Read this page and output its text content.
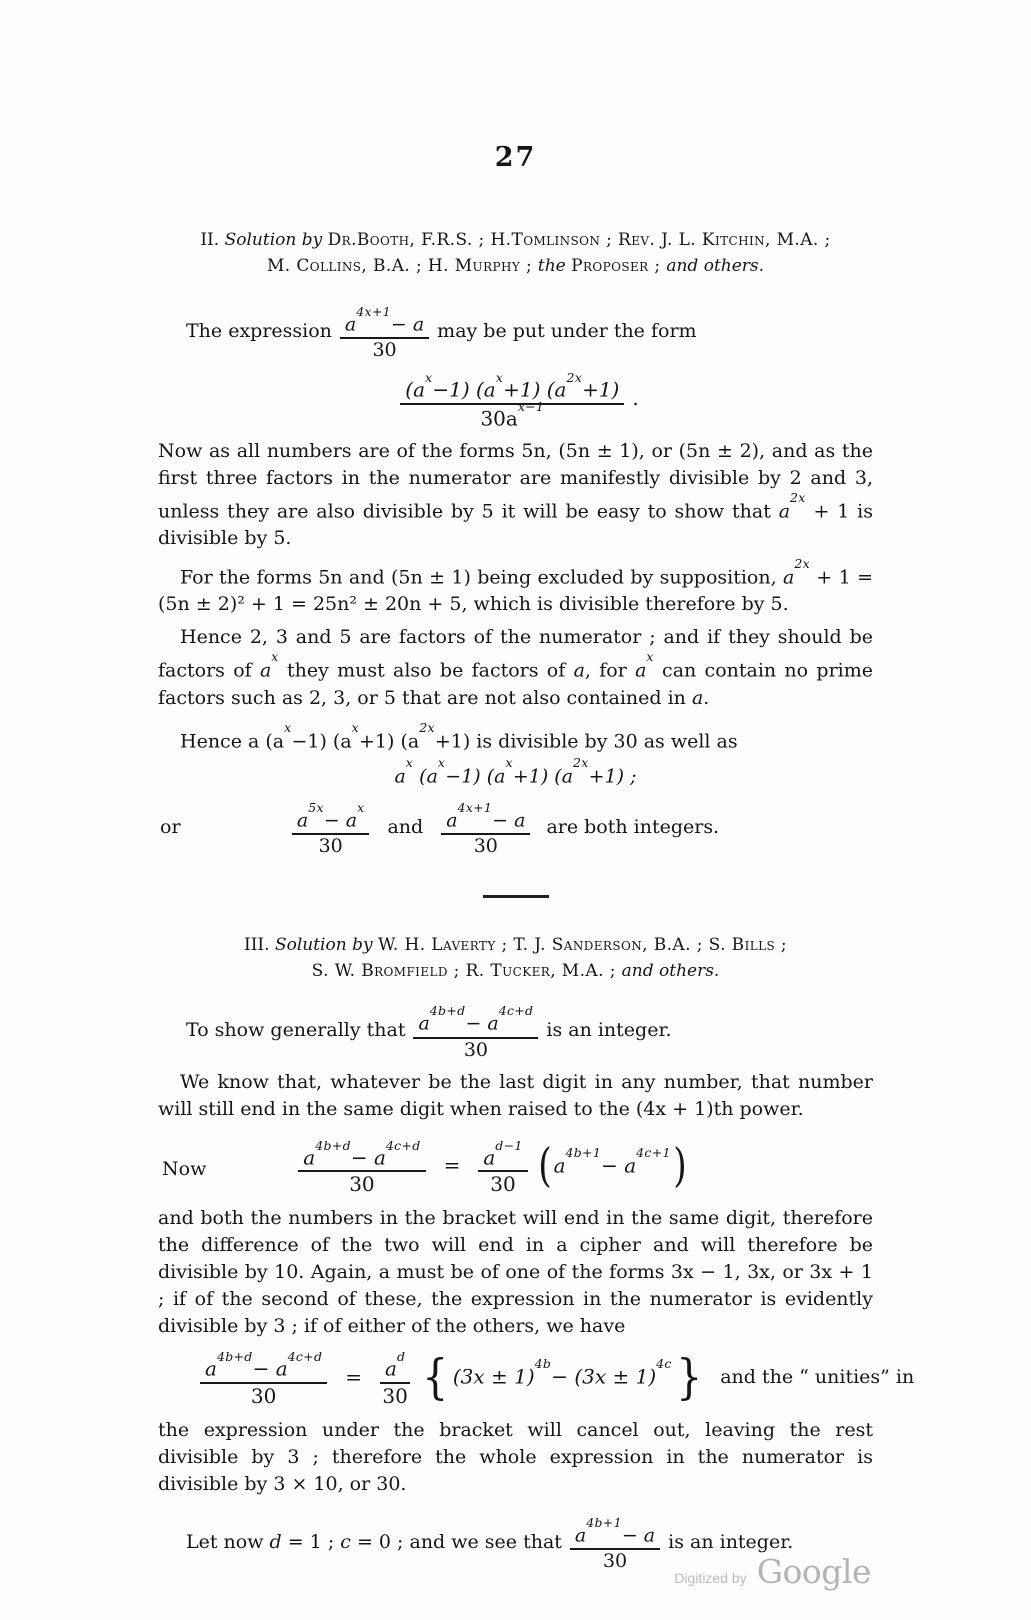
27
II. Solution by Dr.Booth, F.R.S. ; H.Tomlinson ; Rev. J. L. Kitchin, M.A. ;
M. Collins, B.A. ; H. Murphy ; the Proposer ; and others.
The expression $\frac{a^{4x+1}- a}{30}$ may be put under the form
$\frac{(a^x-1) (a^x+1) (a^{2x}+1)}{30a^{x-1}}$ .

Now as all numbers are of the forms 5n, (5n ± 1), or (5n ± 2), and as the first three factors in the numerator are manifestly divisible by 2 and 3, unless they are also divisible by 5 it will be easy to show that $a^{2x} + 1$ is divisible by 5.

For the forms 5n and (5n ± 1) being excluded by supposition, $a^{2x} + 1 = (5n \pm 2)^2 + 1 = 25n^2 \pm 20n + 5$, which is divisible therefore by 5.

Hence 2, 3 and 5 are factors of the numerator ; and if they should be factors of $a^x$ they must also be factors of a, for $a^x$ can contain no prime factors such as 2, 3, or 5 that are not also contained in a.

Hence a $(a^x-1)$ $(a^x+1)$ $(a^{2x}+1)$ is divisible by 30 as well as

$a^x$ $(a^x-1)$ $(a^x+1)$ $(a^{2x}+1)$ ;
or	$\frac{a^{5x}- a^x}{30}$ and $\frac{a^{4x+1}- a}{30}$ are both integers.
III. Solution by W. H. Laverty ; T. J. Sanderson, B.A. ; S. Bills ;
S. W. Bromfield ; R. Tucker, M.A. ; and others.
To show generally that $\frac{a^{4b+d}- a^{4c+d}}{30}$ is an integer.

We know that, whatever be the last digit in any number, that number will still end in the same digit when raised to the (4x + 1)th power.

Now	$\frac{a^{4b+d}- a^{4c+d}}{30} = \frac{a^{d-1}}{30}$ ( $a^{4b+1}- a^{4c+1}$ )

and both the numbers in the bracket will end in the same digit, therefore the difference of the two will end in a cipher and will therefore be divisible by 10. Again, a must be of one of the forms 3x − 1, 3x, or 3x + 1 ; if of the second of these, the expression in the numerator is evidently divisible by 3 ; if of either of the others, we have

$\frac{a^{4b+d}- a^{4c+d}}{30} = \frac{a^d}{30}$ { $(3x \pm 1)^{4b}- (3x \pm 1)^{4c}$ } and the “ unities” in

the expression under the bracket will cancel out, leaving the rest divisible by 3 ; therefore the whole expression in the numerator is divisible by 3 × 10, or 30.

Let now d = 1 ; c = 0 ; and we see that $\frac{a^{4b+1}- a}{30}$ is an integer.
Digitized by Google
